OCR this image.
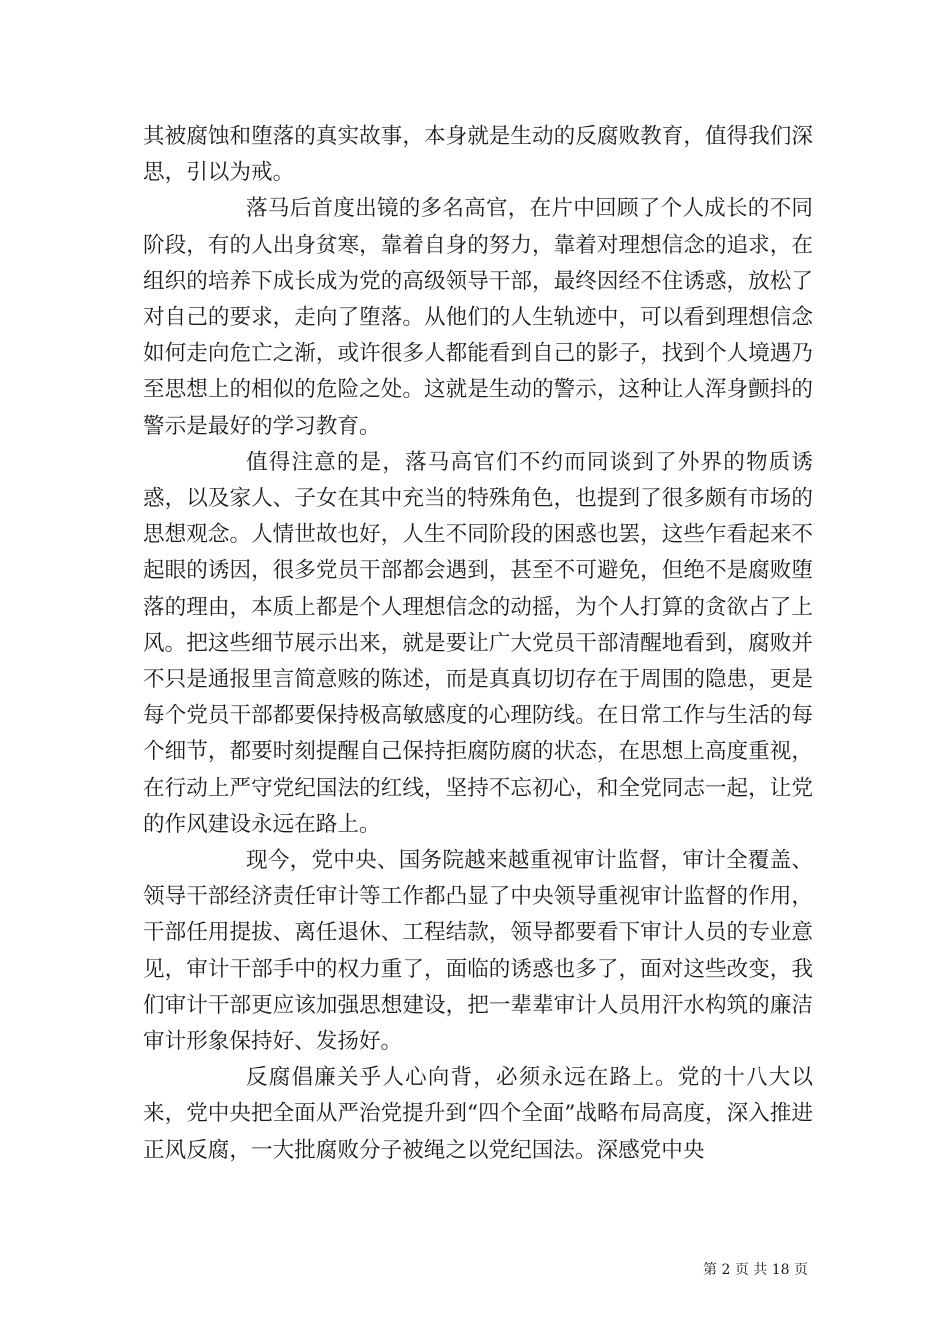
其被腐蚀和堕落的真实故事，本身就是生动的反腐败教育，值得我们深思，引以为戒。

落马后首度出镜的多名高官，在片中回顾了个人成长的不同阶段，有的人出身贫寒，靠着自身的努力，靠着对理想信念的追求，在组织的培养下成长成为党的高级领导干部，最终因经不住诱惑，放松了对自己的要求，走向了堕落。从他们的人生轨迹中，可以看到理想信念如何走向危亡之渐，或许很多人都能看到自己的影子，找到个人境遇乃至思想上的相似的危险之处。这就是生动的警示，这种让人浑身颤抖的警示是最好的学习教育。

值得注意的是，落马高官们不约而同谈到了外界的物质诱惑，以及家人、子女在其中充当的特殊角色，也提到了很多颇有市场的思想观念。人情世故也好，人生不同阶段的困惑也罢，这些乍看起来不起眼的诱因，很多党员干部都会遇到，甚至不可避免，但绝不是腐败堕落的理由，本质上都是个人理想信念的动摇，为个人打算的贪欲占了上风。把这些细节展示出来，就是要让广大党员干部清醒地看到，腐败并不只是通报里言简意赅的陈述，而是真真切切存在于周围的隐患，更是每个党员干部都要保持极高敏感度的心理防线。在日常工作与生活的每个细节，都要时刻提醒自己保持拒腐防腐的状态，在思想上高度重视，在行动上严守党纪国法的红线，坚持不忘初心，和全党同志一起，让党的作风建设永远在路上。

现今，党中央、国务院越来越重视审计监督，审计全覆盖、领导干部经济责任审计等工作都凸显了中央领导重视审计监督的作用，干部任用提拔、离任退休、工程结款，领导都要看下审计人员的专业意见，审计干部手中的权力重了，面临的诱惑也多了，面对这些改变，我们审计干部更应该加强思想建设，把一辈辈审计人员用汗水构筑的廉洁审计形象保持好、发扬好。

反腐倡廉关乎人心向背，必须永远在路上。党的十八大以来，党中央把全面从严治党提升到“四个全面”战略布局高度，深入推进正风反腐，一大批腐败分子被绳之以党纪国法。深感党中央

第 2 页 共 18 页
